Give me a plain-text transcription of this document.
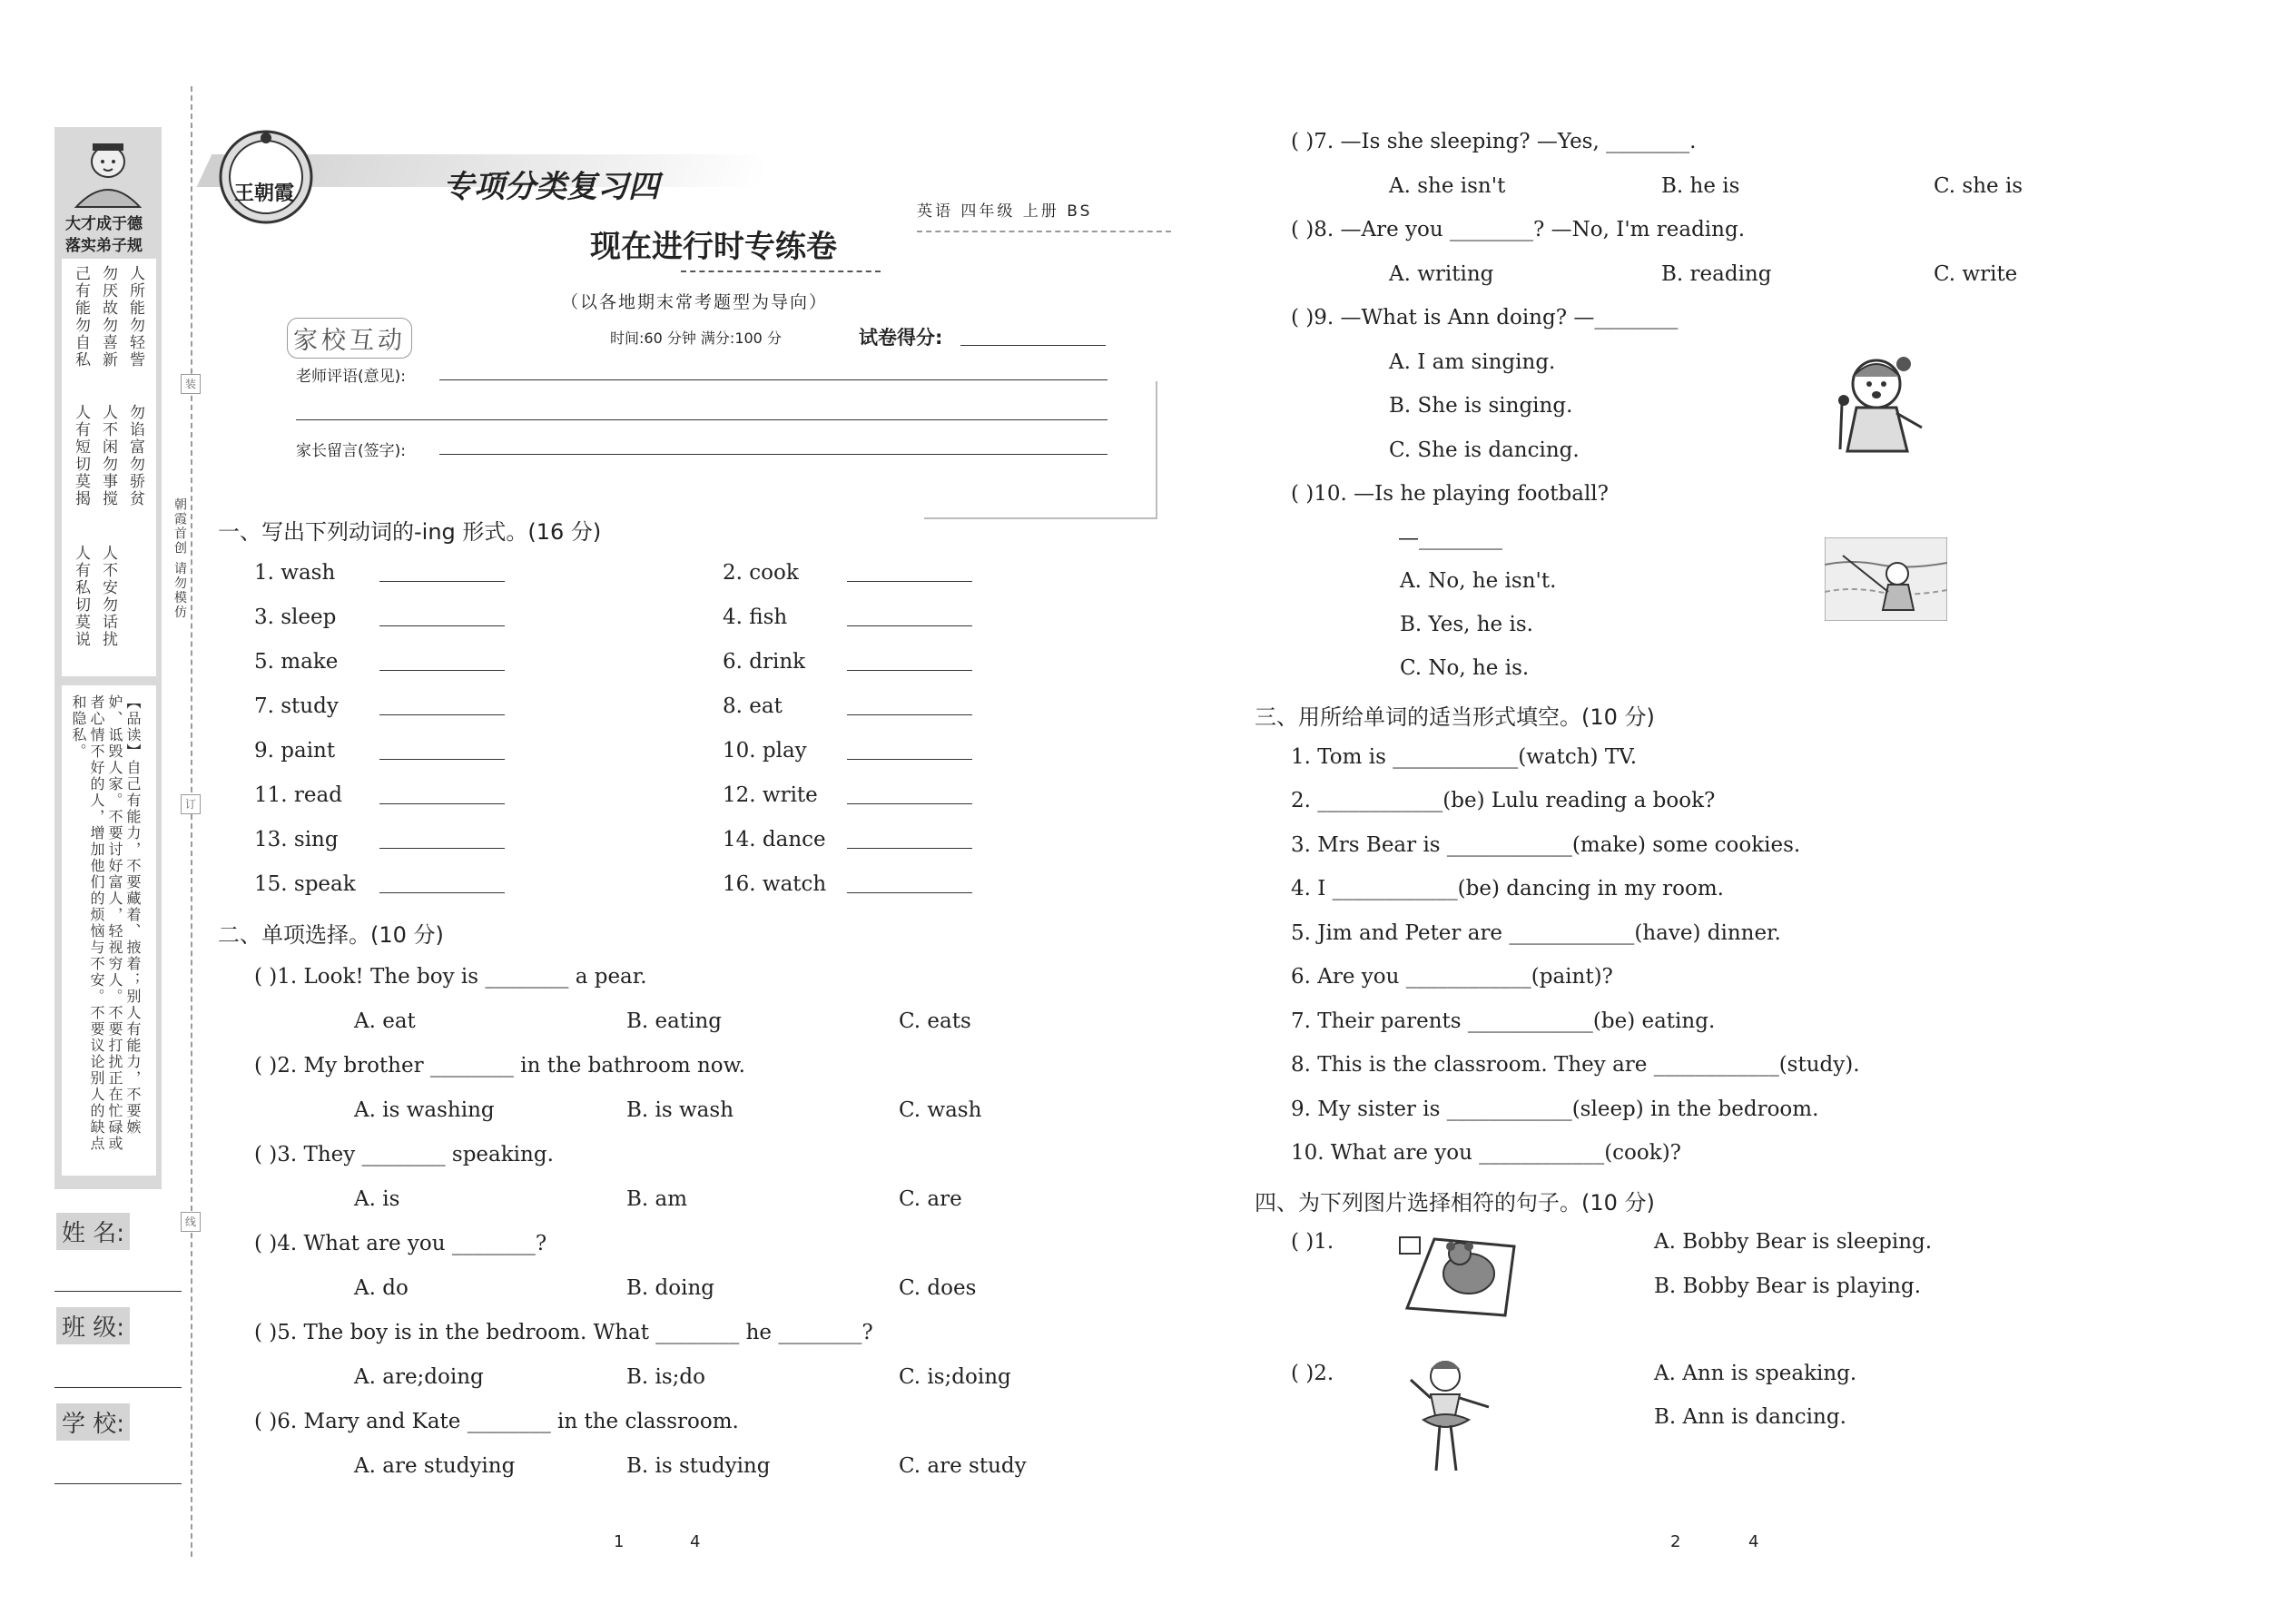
大才成于德
落实弟子规
己有能勿自私 人所能勿轻訾
勿厌故勿喜新
勿谄富勿骄贫
人有短切莫揭 人不闲勿事搅
人有私切莫说 人不安勿话扰
【品读】自己有能力，不要藏着、掖着；别人有能力，不要嫉妒、诋毁人家。不要讨好富人，轻视穷人。不要打扰正在忙碌或者心情不好的人，增加他们的烦恼与不安。不要议论别人的缺点和隐私。
姓 名:
班 级:
学 校:
装
订
线
朝霞首创 请勿模仿
王朝霞	专项分类复习四
英语 四年级 上册 BS
现在进行时专练卷
（以各地期末常考题型为导向）
家校互动	时间:60 分钟 满分:100 分	试卷得分:
老师评语(意见):
家长留言(签字):
一、写出下列动词的-ing 形式。(16 分)
1. wash	2. cook
3. sleep	4. fish
5. make	6. drink
7. study	8. eat
9. paint	10. play
11. read	12. write
13. sing	14. dance
15. speak	16. watch
二、单项选择。(10 分)
( )1. Look! The boy is ________ a pear.
A. eat	B. eating	C. eats
( )2. My brother ________ in the bathroom now.
A. is washing	B. is wash	C. wash
( )3. They ________ speaking.
A. is	B. am	C. are
( )4. What are you ________?
A. do	B. doing	C. does
( )5. The boy is in the bedroom. What ________ he ________?
A. are;doing	B. is;do	C. is;doing
( )6. Mary and Kate ________ in the classroom.
A. are studying	B. is studying	C. are study
1	4
( )7. —Is she sleeping? —Yes, ________.
A. she isn't	B. he is	C. she is
( )8. —Are you ________? —No, I'm reading.
A. writing	B. reading	C. write
( )9. —What is Ann doing? —________
A. I am singing.
B. She is singing.
C. She is dancing.
( )10. —Is he playing football?
—________
A. No, he isn't.
B. Yes, he is.
C. No, he is.
三、用所给单词的适当形式填空。(10 分)
1. Tom is ____________(watch) TV.
2. ____________(be) Lulu reading a book?
3. Mrs Bear is ____________(make) some cookies.
4. I ____________(be) dancing in my room.
5. Jim and Peter are ____________(have) dinner.
6. Are you ____________(paint)?
7. Their parents ____________(be) eating.
8. This is the classroom. They are ____________(study).
9. My sister is ____________(sleep) in the bedroom.
10. What are you ____________(cook)?
四、为下列图片选择相符的句子。(10 分)
( )1.	A. Bobby Bear is sleeping.
B. Bobby Bear is playing.
( )2.	A. Ann is speaking.
B. Ann is dancing.
2	4
